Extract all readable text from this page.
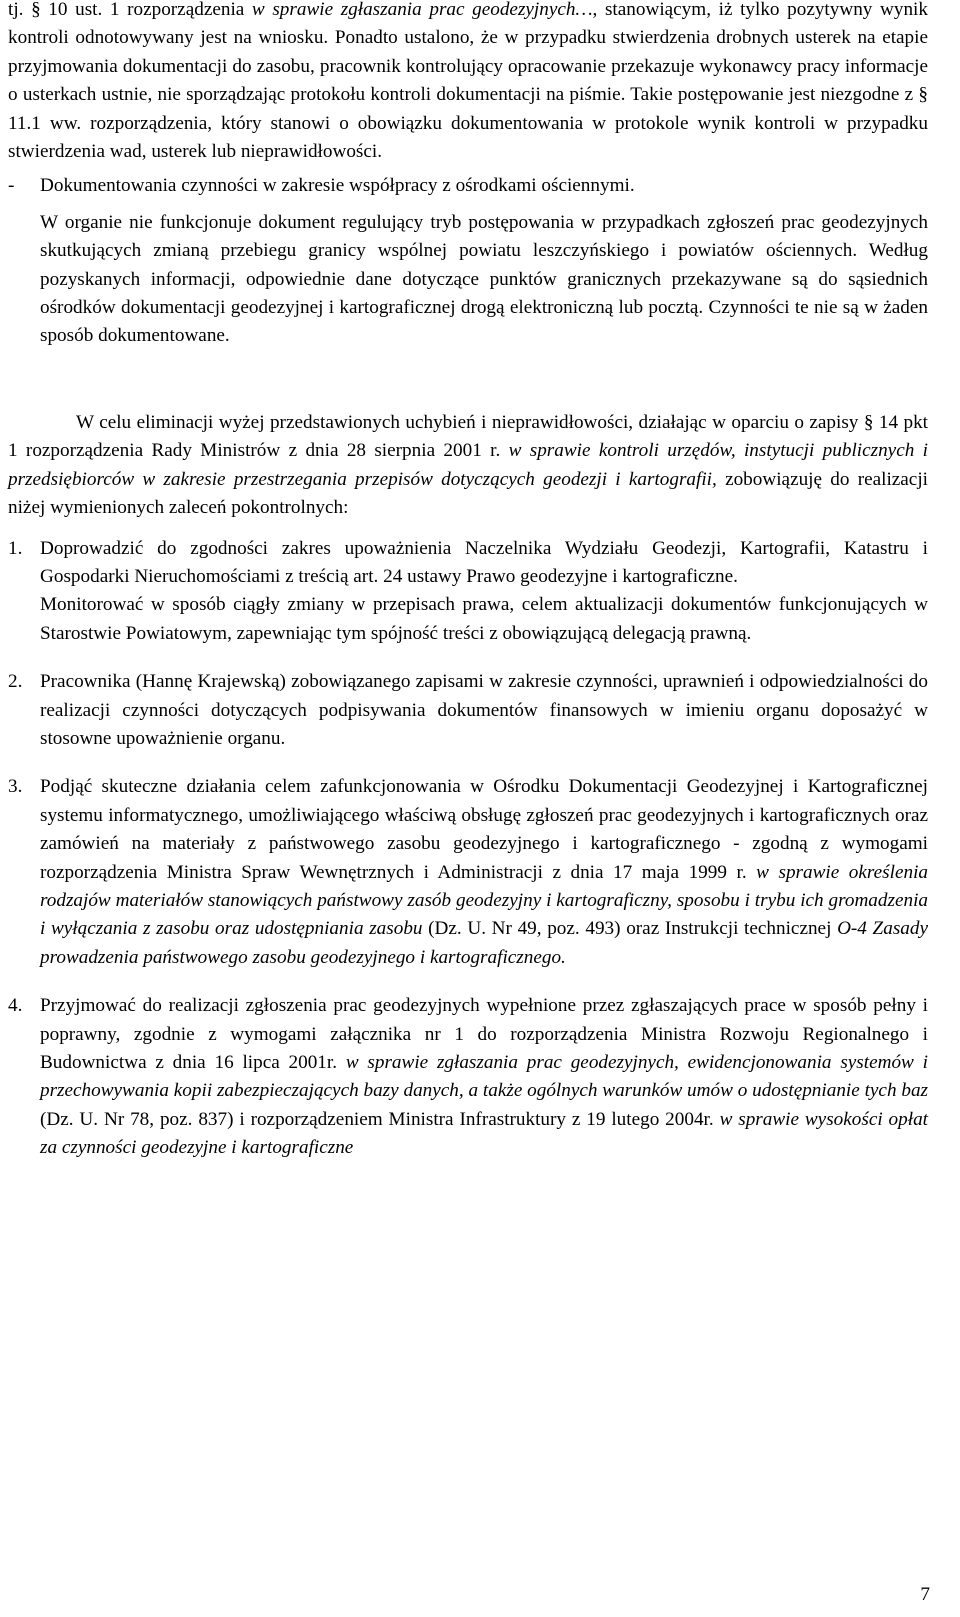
tj. § 10 ust. 1 rozporządzenia w sprawie zgłaszania prac geodezyjnych…, stanowiącym, iż tylko pozytywny wynik kontroli odnotowywany jest na wniosku. Ponadto ustalono, że w przypadku stwierdzenia drobnych usterek na etapie przyjmowania dokumentacji do zasobu, pracownik kontrolujący opracowanie przekazuje wykonawcy pracy informacje o usterkach ustnie, nie sporządzając protokołu kontroli dokumentacji na piśmie. Takie postępowanie jest niezgodne z § 11.1 ww. rozporządzenia, który stanowi o obowiązku dokumentowania w protokole wynik kontroli w przypadku stwierdzenia wad, usterek lub nieprawidłowości.

-	Dokumentowania czynności w zakresie współpracy z ośrodkami ościennymi.

W organie nie funkcjonuje dokument regulujący tryb postępowania w przypadkach zgłoszeń prac geodezyjnych skutkujących zmianą przebiegu granicy wspólnej powiatu leszczyńskiego i powiatów ościennych. Według pozyskanych informacji, odpowiednie dane dotyczące punktów granicznych przekazywane są do sąsiednich ośrodków dokumentacji geodezyjnej i kartograficznej drogą elektroniczną lub pocztą. Czynności te nie są w żaden sposób dokumentowane.

W celu eliminacji wyżej przedstawionych uchybień i nieprawidłowości, działając w oparciu o zapisy § 14 pkt 1 rozporządzenia Rady Ministrów z dnia 28 sierpnia 2001 r. w sprawie kontroli urzędów, instytucji publicznych i przedsiębiorców w zakresie przestrzegania przepisów dotyczących geodezji i kartografii, zobowiązuję do realizacji niżej wymienionych zaleceń pokontrolnych:

1. Doprowadzić do zgodności zakres upoważnienia Naczelnika Wydziału Geodezji, Kartografii, Katastru i Gospodarki Nieruchomościami z treścią art. 24 ustawy Prawo geodezyjne i kartograficzne.

Monitorować w sposób ciągły zmiany w przepisach prawa, celem aktualizacji dokumentów funkcjonujących w Starostwie Powiatowym, zapewniając tym spójność treści z obowiązującą delegacją prawną.

2. Pracownika (Hannę Krajewską) zobowiązanego zapisami w zakresie czynności, uprawnień i odpowiedzialności do realizacji czynności dotyczących podpisywania dokumentów finansowych w imieniu organu doposażyć w stosowne upoważnienie organu.

3. Podjąć skuteczne działania celem zafunkcjonowania w Ośrodku Dokumentacji Geodezyjnej i Kartograficznej systemu informatycznego, umożliwiającego właściwą obsługę zgłoszeń prac geodezyjnych i kartograficznych oraz zamówień na materiały z państwowego zasobu geodezyjnego i kartograficznego - zgodną z wymogami rozporządzenia Ministra Spraw Wewnętrznych i Administracji z dnia 17 maja 1999 r. w sprawie określenia rodzajów materiałów stanowiących państwowy zasób geodezyjny i kartograficzny, sposobu i trybu ich gromadzenia i wyłączania z zasobu oraz udostępniania zasobu (Dz. U. Nr 49, poz. 493) oraz Instrukcji technicznej O-4 Zasady prowadzenia państwowego zasobu geodezyjnego i kartograficznego.

4. Przyjmować do realizacji zgłoszenia prac geodezyjnych wypełnione przez zgłaszających prace w sposób pełny i poprawny, zgodnie z wymogami załącznika nr 1 do rozporządzenia Ministra Rozwoju Regionalnego i Budownictwa z dnia 16 lipca 2001r. w sprawie zgłaszania prac geodezyjnych, ewidencjonowania systemów i przechowywania kopii zabezpieczających bazy danych, a także ogólnych warunków umów o udostępnianie tych baz (Dz. U. Nr 78, poz. 837) i rozporządzeniem Ministra Infrastruktury z 19 lutego 2004r. w sprawie wysokości opłat za czynności geodezyjne i kartograficzne

7
